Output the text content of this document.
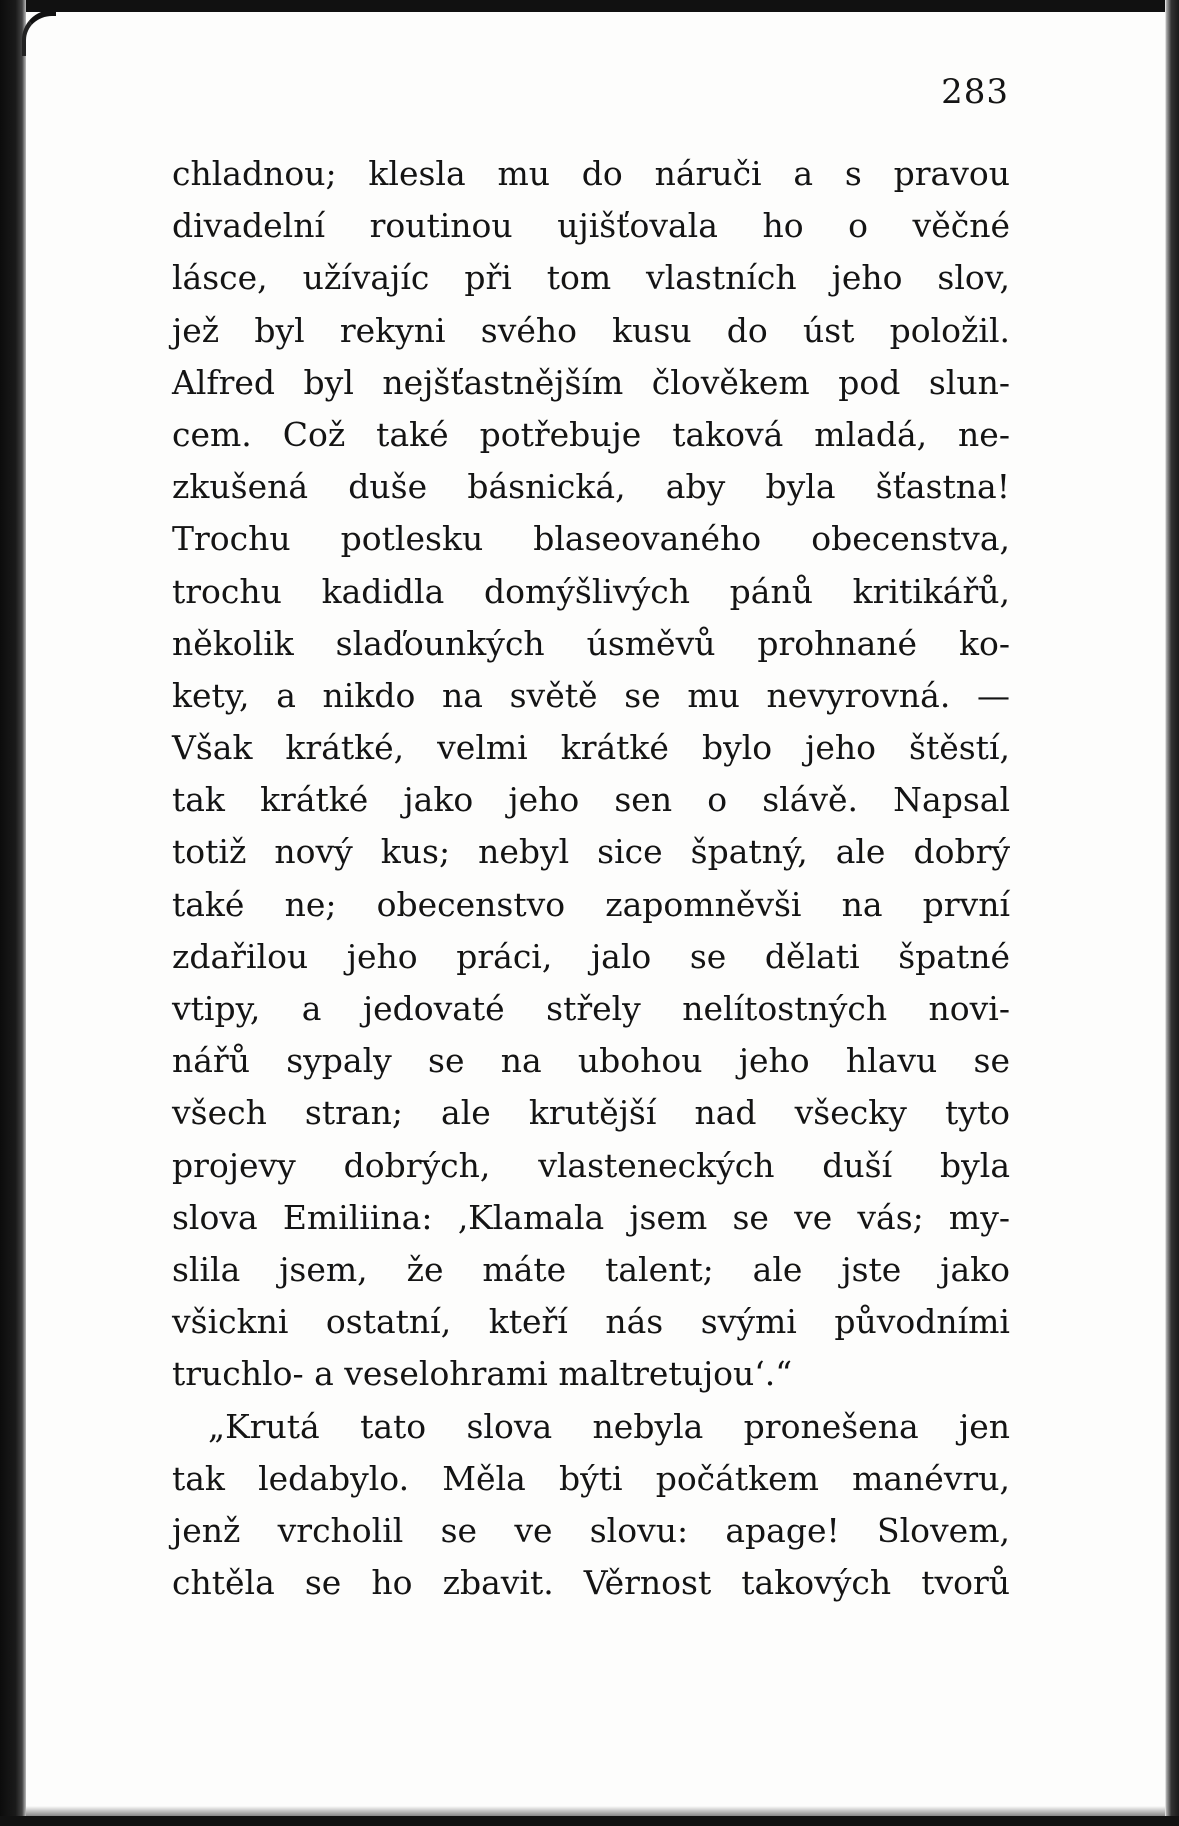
283
chladnou; klesla mu do náruči a s pravou
divadelní routinou ujišťovala ho o věčné
lásce, užívajíc při tom vlastních jeho slov,
jež byl rekyni svého kusu do úst položil.
Alfred byl nejšťastnějším člověkem pod slun-
cem. Což také potřebuje taková mladá, ne-
zkušená duše básnická, aby byla šťastna!
Trochu potlesku blaseovaného obecenstva,
trochu kadidla domýšlivých pánů kritikářů,
několik slaďounkých úsměvů prohnané ko-
kety, a nikdo na světě se mu nevyrovná. —
Však krátké, velmi krátké bylo jeho štěstí,
tak krátké jako jeho sen o slávě. Napsal
totiž nový kus; nebyl sice špatný, ale dobrý
také ne; obecenstvo zapomněvši na první
zdařilou jeho práci, jalo se dělati špatné
vtipy, a jedovaté střely nelítostných novi-
nářů sypaly se na ubohou jeho hlavu se
všech stran; ale krutější nad všecky tyto
projevy dobrých, vlasteneckých duší byla
slova Emiliina: ‚Klamala jsem se ve vás; my-
slila jsem, že máte talent; ale jste jako
všickni ostatní, kteří nás svými původními
truchlo- a veselohrami maltretujou‘.“
„Krutá tato slova nebyla pronešena jen
tak ledabylo. Měla býti počátkem manévru,
jenž vrcholil se ve slovu: apage! Slovem,
chtěla se ho zbavit. Věrnost takových tvorů
